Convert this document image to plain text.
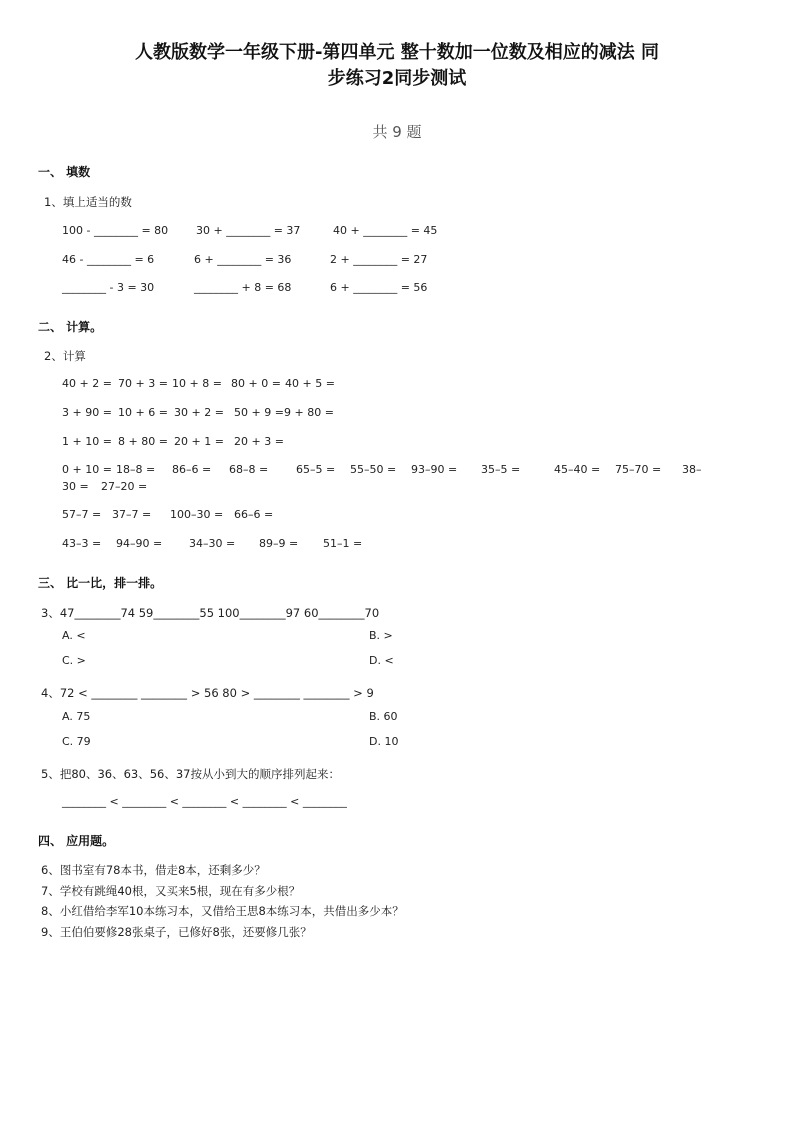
人教版数学一年级下册-第四单元 整十数加一位数及相应的减法 同
步练习2同步测试
共 9 题
一、 填数
1、填上适当的数
100 - ________ = 80	30 + ________ = 37	40 + ________ = 45
46 - ________ = 6	6 + ________ = 36	2 + ________ = 27
________ - 3 = 30	________ + 8 = 68	6 + ________ = 56
二、 计算。
2、计算
40 + 2 = 70 + 3 = 10 + 8 = 80 + 0 = 40 + 5 =
3 + 90 = 10 + 6 = 30 + 2 = 50 + 9 = 9 + 80 =
1 + 10 = 8 + 80 = 20 + 1 = 20 + 3 =
0 + 10 = 18–8 = 86–6 = 68–8 =	65–5 = 55–50 = 93–90 = 35–5 =	45–40 = 75–70 = 38–
30 = 27–20 =
57–7 = 37–7 = 100–30 = 66–6 =
43–3 = 94–90 = 34–30 = 89–9 = 51–1 =
三、 比一比，排一排。
3、47________74 59________55 100________97 60________70
A. <	B. >
C. >	D. <
4、72 < ________ ________ > 56 80 > ________ ________ > 9
A. 75	B. 60
C. 79	D. 10
5、把80、36、63、56、37按从小到大的顺序排列起来：
________ < ________ < ________ < ________ < ________
四、 应用题。
6、图书室有78本书，借走8本，还剩多少？
7、学校有跳绳40根，又买来5根，现在有多少根？
8、小红借给李军10本练习本，又借给王思8本练习本，共借出多少本？
9、王伯伯要修28张桌子，已修好8张，还要修几张？
